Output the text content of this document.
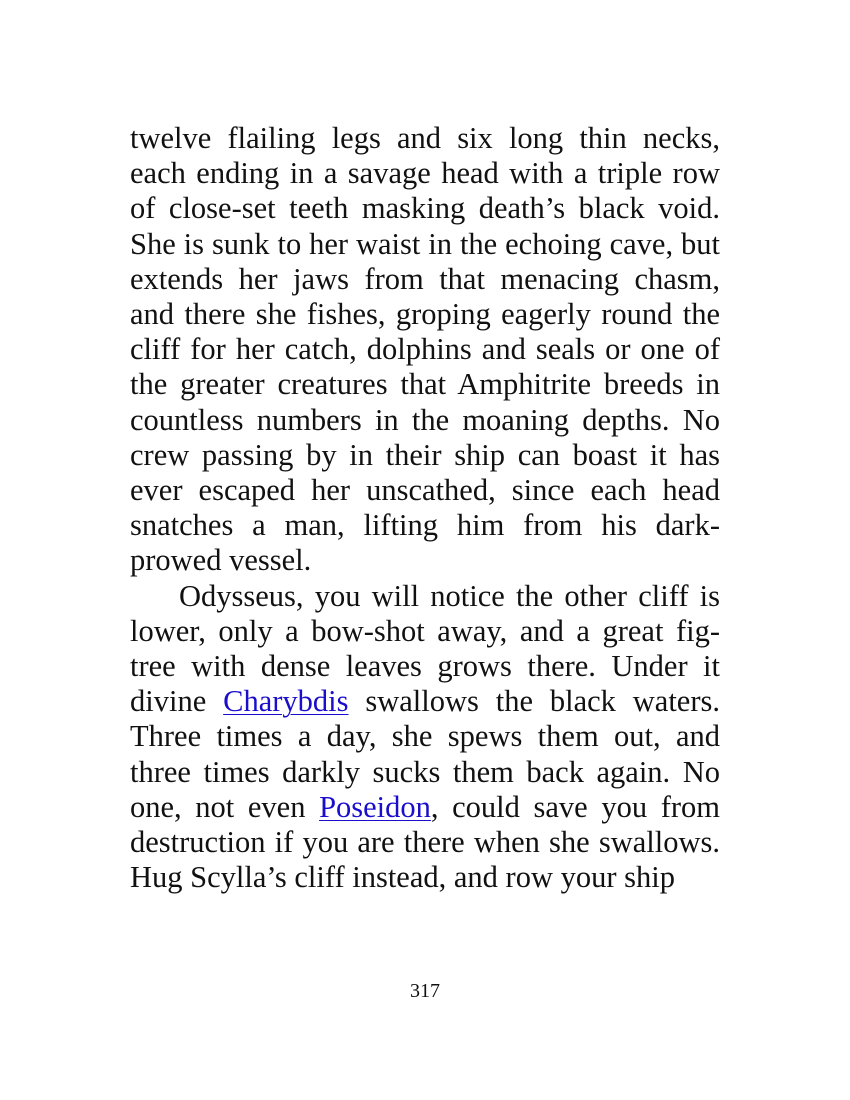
twelve flailing legs and six long thin necks, each ending in a savage head with a triple row of close-set teeth masking death’s black void. She is sunk to her waist in the echoing cave, but extends her jaws from that menacing chasm, and there she fishes, groping eagerly round the cliff for her catch, dolphins and seals or one of the greater creatures that Amphitrite breeds in countless numbers in the moaning depths. No crew passing by in their ship can boast it has ever escaped her unscathed, since each head snatches a man, lifting him from his dark-prowed vessel.

Odysseus, you will notice the other cliff is lower, only a bow-shot away, and a great fig-tree with dense leaves grows there. Under it divine Charybdis swallows the black waters. Three times a day, she spews them out, and three times darkly sucks them back again. No one, not even Poseidon, could save you from destruction if you are there when she swallows. Hug Scylla’s cliff instead, and row your ship

317
